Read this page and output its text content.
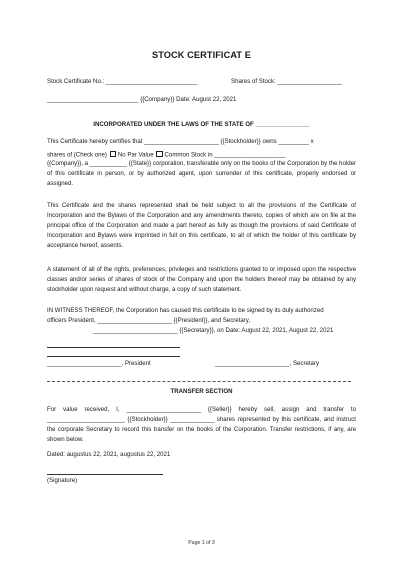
STOCK CERTIFICAT E
Stock Certificate No.: ___________________________	Shares of Stock: ___________________
___________________________ {{Company}} Date: August 22, 2021
INCORPORATED UNDER THE LAWS OF THE STATE OF ________________
This Certificate hereby certifies that ______________________ {{Stockholder}} owns _________ x
shares of (Check one) No Par Value Common Stock in _____________________
{{Company}}, a ___________ {{State}} corporation, transferable only on the books of the Corporation by the holder of this certificate in person, or by authorized agent, upon surrender of this certificate, properly endorsed or assigned.
This Certificate and the shares represented shall be held subject to all the provisions of the Certificate of Incorporation and the Bylaws of the Corporation and any amendments thereto, copies of which are on file at the principal office of the Corporation and made a part hereof as fully as though the provisions of said Certificate of Incorporation and Bylaws were imprinted in full on this certificate, to all of which the holder of this certificate by acceptance hereof, assents.
A statement of all of the rights, preferences, privileges and restrictions granted to or imposed upon the respective classes and/or series of shares of stock of the Company and upon the holders thereof may be obtained by any stockholder upon request and without charge, a copy of such statement.
IN WITNESS THEREOF, the Corporation has caused this certificate to be signed by its duly authorized
officers President, ______________________ {{President}}, and Secretary,
_________________________ {{Secretary}}, on Date: August 22, 2021, August 22, 2021
______________________, President	______________________, Secretary
TRANSFER SECTION
For value received, I, ______________________ {{Seller}} hereby sell, assign and transfer to _______________________ {{Stockholder}} _____________ shares represented by this certificate, and instruct the corporate Secretary to record this transfer on the books of the Corporation. Transfer restrictions, if any, are shown below.
Dated: augustus 22, 2021, augustus 22, 2021
(Signature)
Page 1 of 3
